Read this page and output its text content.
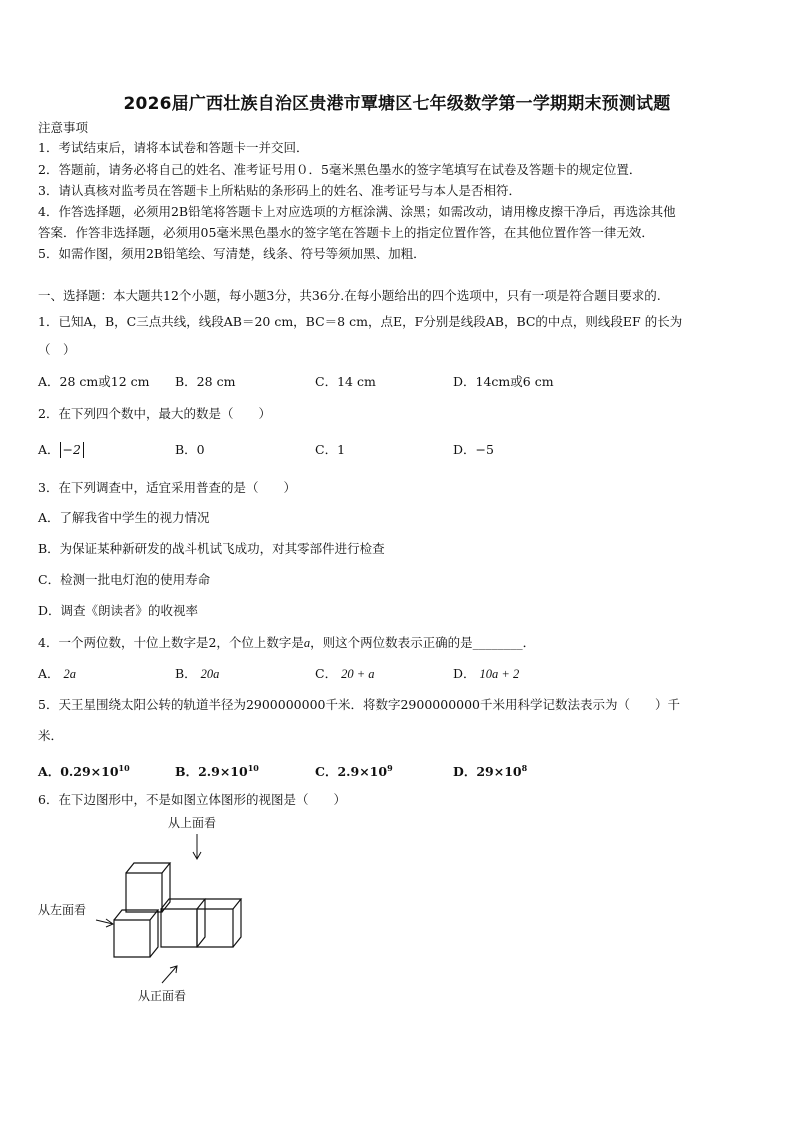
2026届广西壮族自治区贵港市覃塘区七年级数学第一学期期末预测试题
注意事项
1．考试结束后，请将本试卷和答题卡一并交回．
2．答题前，请务必将自己的姓名、准考证号用０．5毫米黑色墨水的签字笔填写在试卷及答题卡的规定位置．
3．请认真核对监考员在答题卡上所粘贴的条形码上的姓名、准考证号与本人是否相符．
4．作答选择题，必须用2B铅笔将答题卡上对应选项的方框涂满、涂黑；如需改动，请用橡皮擦干净后，再选涂其他
答案．作答非选择题，必须用05毫米黑色墨水的签字笔在答题卡上的指定位置作答，在其他位置作答一律无效．
5．如需作图，须用2B铅笔绘、写清楚，线条、符号等须加黑、加粗．
一、选择题：本大题共12个小题，每小题3分，共36分.在每小题给出的四个选项中，只有一项是符合题目要求的.
1．已知A，B，C三点共线，线段AB＝20 cm，BC＝8 cm，点E，F分别是线段AB，BC的中点，则线段EF 的长为
（　）
A．28 cm或12 cm B．28 cm	C．14 cm	D．14cm或6 cm
2．在下列四个数中，最大的数是（　　）
A． −2	B．0	C．1	D．−5
3．在下列调查中，适宜采用普查的是（　　）
A．了解我省中学生的视力情况
B．为保证某种新研发的战斗机试飞成功，对其零部件进行检查
C．检测一批电灯泡的使用寿命
D．调查《朗读者》的收视率
4．一个两位数，十位上数字是2，个位上数字是a，则这个两位数表示正确的是________．
A． 2a	B． 20a	C． 20 + a	D． 10a + 2
5．天王星围绕太阳公转的轨道半径为2900000000千米．将数字2900000000千米用科学记数法表示为（　　）千
米．
A．$0.29\times 10^{10}$	B．$2.9\times 10^{10}$	C．$2.9\times 10^9$	D．$29\times 10^8$
6．在下边图形中，不是如图立体图形的视图是（　　）
从上面看
从左面看
从正面看
